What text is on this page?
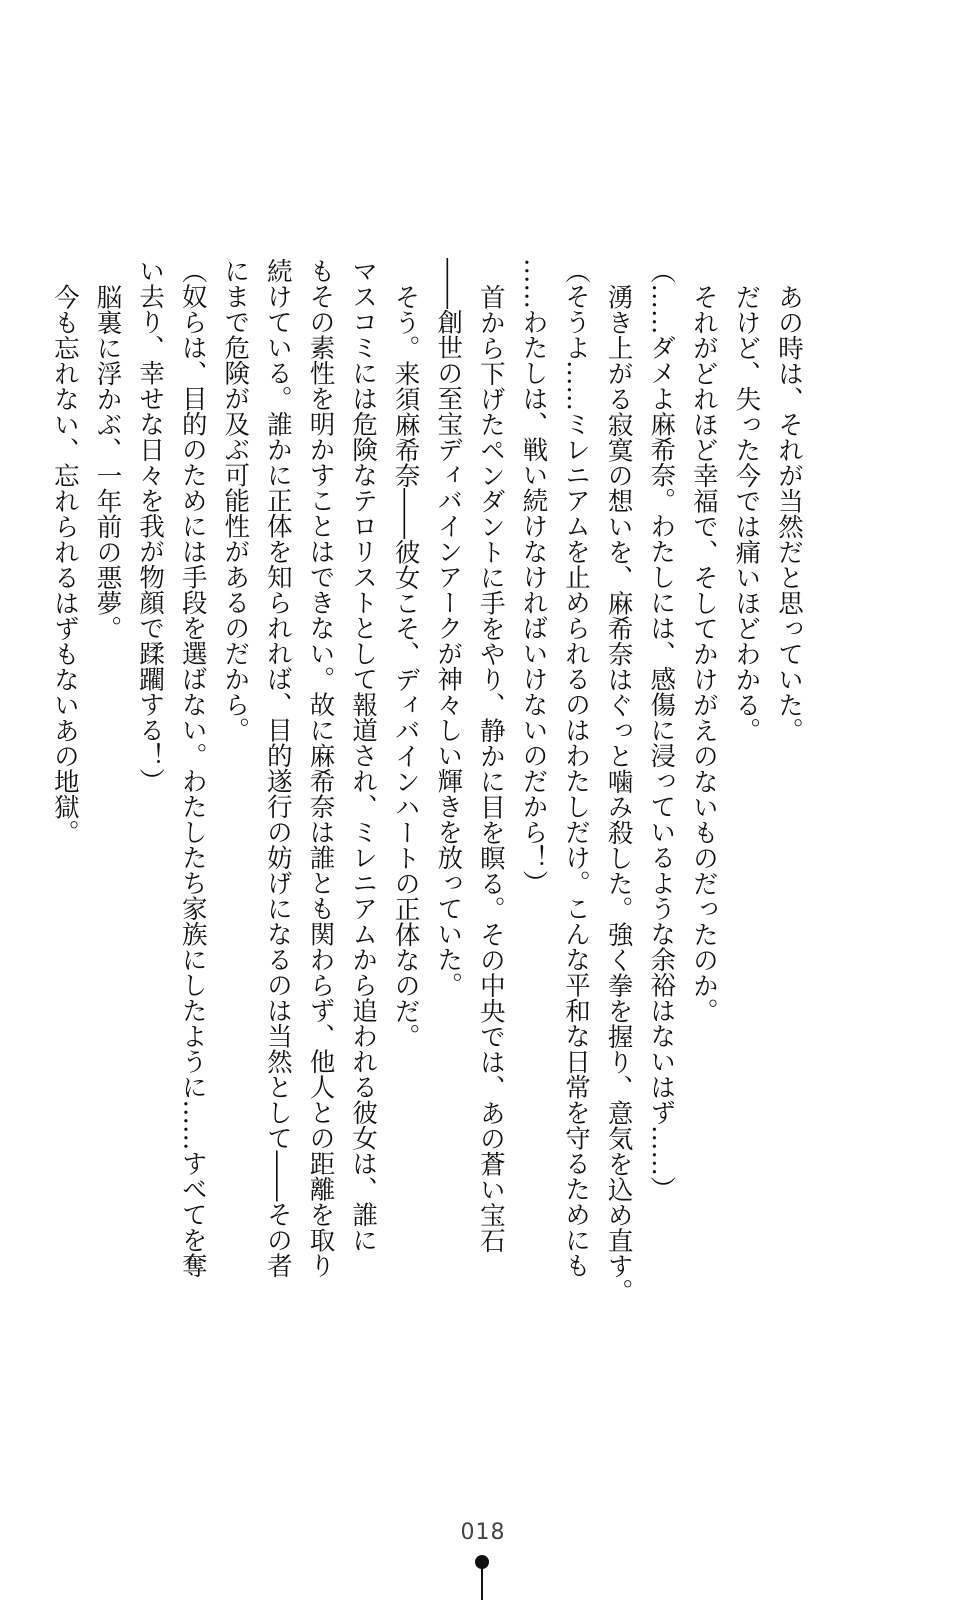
あの時は、それが当然だと思っていた。

だけど、失った今では痛いほどわかる。

それがどれほど幸福で、そしてかけがえのないものだったのか。

（……ダメよ麻希奈。わたしには、感傷に浸っているような余裕はないはず……）

湧き上がる寂寞の想いを、麻希奈はぐっと噛み殺した。強く拳を握り、意気を込め直す。

（そうよ……ミレニアムを止められるのはわたしだけ。こんな平和な日常を守るためにも

……わたしは、戦い続けなければいけないのだから！）

首から下げたペンダントに手をやり、静かに目を瞑る。その中央では、あの蒼い宝石

――創世の至宝ディバインアークが神々しい輝きを放っていた。

そう。来須麻希奈――彼女こそ、ディバインハートの正体なのだ。

マスコミには危険なテロリストとして報道され、ミレニアムから追われる彼女は、誰に

もその素性を明かすことはできない。故に麻希奈は誰とも関わらず、他人との距離を取り

続けている。誰かに正体を知られれば、目的遂行の妨げになるのは当然として――その者

にまで危険が及ぶ可能性があるのだから。

（奴らは、目的のためには手段を選ばない。わたしたち家族にしたように……すべてを奪

い去り、幸せな日々を我が物顔で蹂躙する！）

脳裏に浮かぶ、一年前の悪夢。

今も忘れない、忘れられるはずもないあの地獄。

018
